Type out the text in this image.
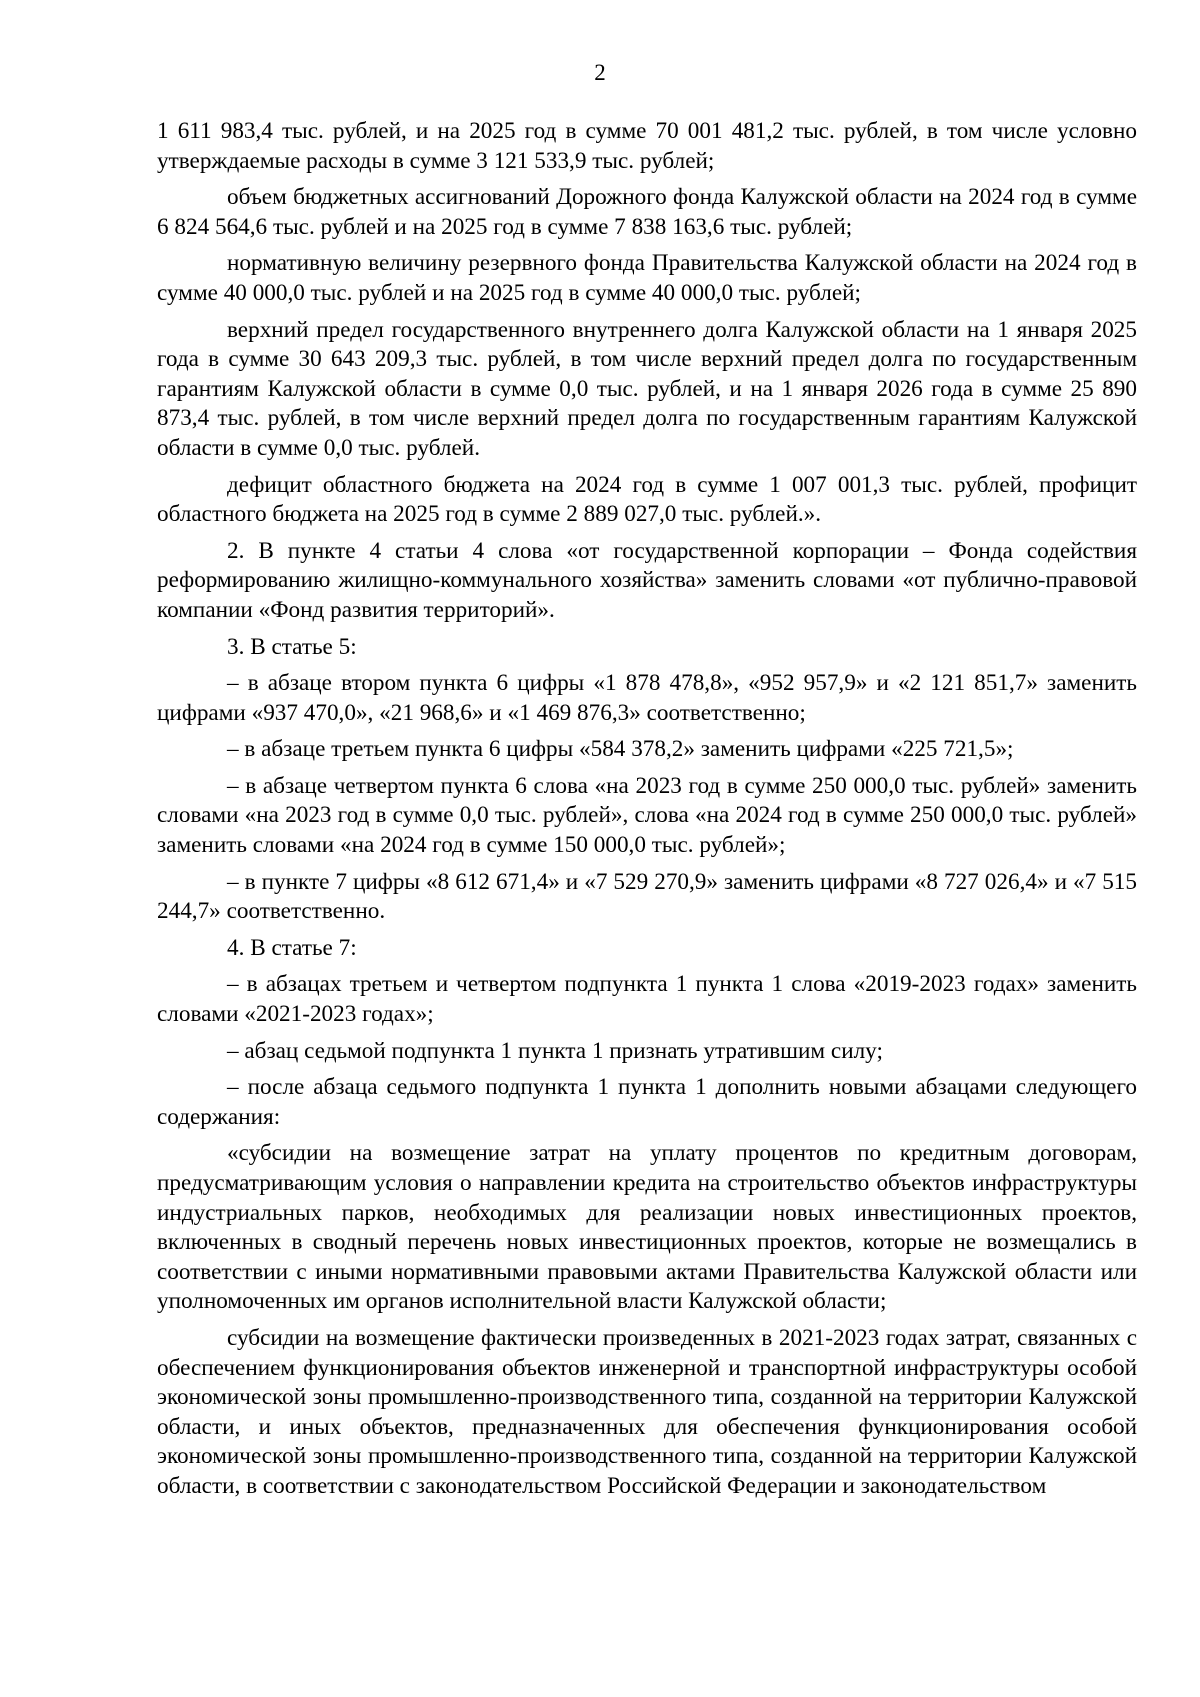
2

1 611 983,4 тыс. рублей, и на 2025 год в сумме 70 001 481,2 тыс. рублей, в том числе условно утверждаемые расходы в сумме 3 121 533,9 тыс. рублей;

объем бюджетных ассигнований Дорожного фонда Калужской области на 2024 год в сумме 6 824 564,6 тыс. рублей и на 2025 год в сумме 7 838 163,6 тыс. рублей;

нормативную величину резервного фонда Правительства Калужской области на 2024 год в сумме 40 000,0 тыс. рублей и на 2025 год в сумме 40 000,0 тыс. рублей;

верхний предел государственного внутреннего долга Калужской области на 1 января 2025 года в сумме 30 643 209,3 тыс. рублей, в том числе верхний предел долга по государственным гарантиям Калужской области в сумме 0,0 тыс. рублей, и на 1 января 2026 года в сумме 25 890 873,4 тыс. рублей, в том числе верхний предел долга по государственным гарантиям Калужской области в сумме 0,0 тыс. рублей.

дефицит областного бюджета на 2024 год в сумме 1 007 001,3 тыс. рублей, профицит областного бюджета на 2025 год в сумме 2 889 027,0 тыс. рублей.».

2. В пункте 4 статьи 4 слова «от государственной корпорации – Фонда содействия реформированию жилищно-коммунального хозяйства» заменить словами «от публично-правовой компании «Фонд развития территорий».

3. В статье 5:

– в абзаце втором пункта 6 цифры «1 878 478,8», «952 957,9» и «2 121 851,7» заменить цифрами «937 470,0», «21 968,6» и «1 469 876,3» соответственно;

– в абзаце третьем пункта 6 цифры «584 378,2» заменить цифрами «225 721,5»;

– в абзаце четвертом пункта 6 слова «на 2023 год в сумме 250 000,0 тыс. рублей» заменить словами «на 2023 год в сумме 0,0 тыс. рублей», слова «на 2024 год в сумме 250 000,0 тыс. рублей» заменить словами «на 2024 год в сумме 150 000,0 тыс. рублей»;

– в пункте 7 цифры «8 612 671,4» и «7 529 270,9» заменить цифрами «8 727 026,4» и «7 515 244,7» соответственно.

4. В статье 7:

– в абзацах третьем и четвертом подпункта 1 пункта 1 слова «2019-2023 годах» заменить словами «2021-2023 годах»;

– абзац седьмой подпункта 1 пункта 1 признать утратившим силу;

– после абзаца седьмого подпункта 1 пункта 1 дополнить новыми абзацами следующего содержания:

«субсидии на возмещение затрат на уплату процентов по кредитным договорам, предусматривающим условия о направлении кредита на строительство объектов инфраструктуры индустриальных парков, необходимых для реализации новых инвестиционных проектов, включенных в сводный перечень новых инвестиционных проектов, которые не возмещались в соответствии с иными нормативными правовыми актами Правительства Калужской области или уполномоченных им органов исполнительной власти Калужской области;

субсидии на возмещение фактически произведенных в 2021-2023 годах затрат, связанных с обеспечением функционирования объектов инженерной и транспортной инфраструктуры особой экономической зоны промышленно-производственного типа, созданной на территории Калужской области, и иных объектов, предназначенных для обеспечения функционирования особой экономической зоны промышленно-производственного типа, созданной на территории Калужской области, в соответствии с законодательством Российской Федерации и законодательством
